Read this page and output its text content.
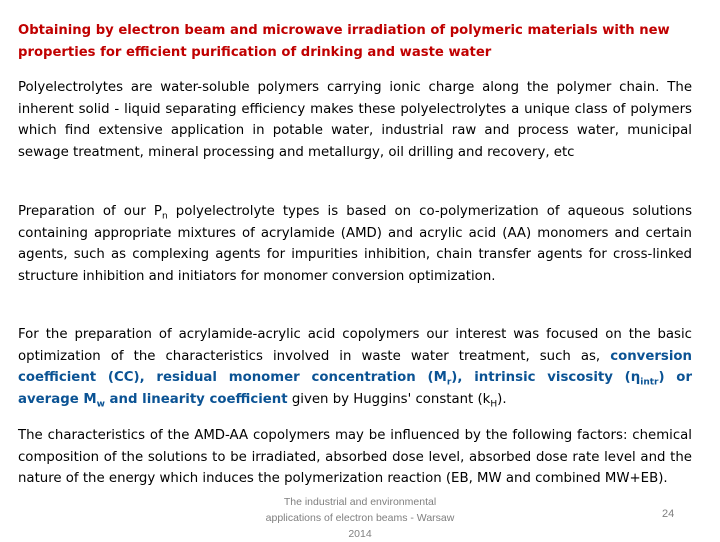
Obtaining by electron beam and microwave irradiation of polymeric materials with new properties for efficient purification of drinking and waste water

Polyelectrolytes are water-soluble polymers carrying ionic charge along the polymer chain. The inherent solid - liquid separating efficiency makes these polyelectrolytes a unique class of polymers which find extensive application in potable water, industrial raw and process water, municipal sewage treatment, mineral processing and metallurgy, oil drilling and recovery, etc

Preparation of our $P_n$ polyelectrolyte types is based on co-polymerization of aqueous solutions containing appropriate mixtures of acrylamide (AMD) and acrylic acid (AA) monomers and certain agents, such as complexing agents for impurities inhibition, chain transfer agents for cross-linked structure inhibition and initiators for monomer conversion optimization.

For the preparation of acrylamide-acrylic acid copolymers our interest was focused on the basic optimization of the characteristics involved in waste water treatment, such as, conversion coefficient (CC), residual monomer concentration $(M_r)$, intrinsic viscosity $(\eta_{intr})$ or average $M_w$ and linearity coefficient given by Huggins' constant $(k_H)$.

The characteristics of the AMD-AA copolymers may be influenced by the following factors: chemical composition of the solutions to be irradiated, absorbed dose level, absorbed dose rate level and the nature of the energy which induces the polymerization reaction (EB, MW and combined MW+EB).

The industrial and environmental
applications of electron beams - Warsaw
2014
24
